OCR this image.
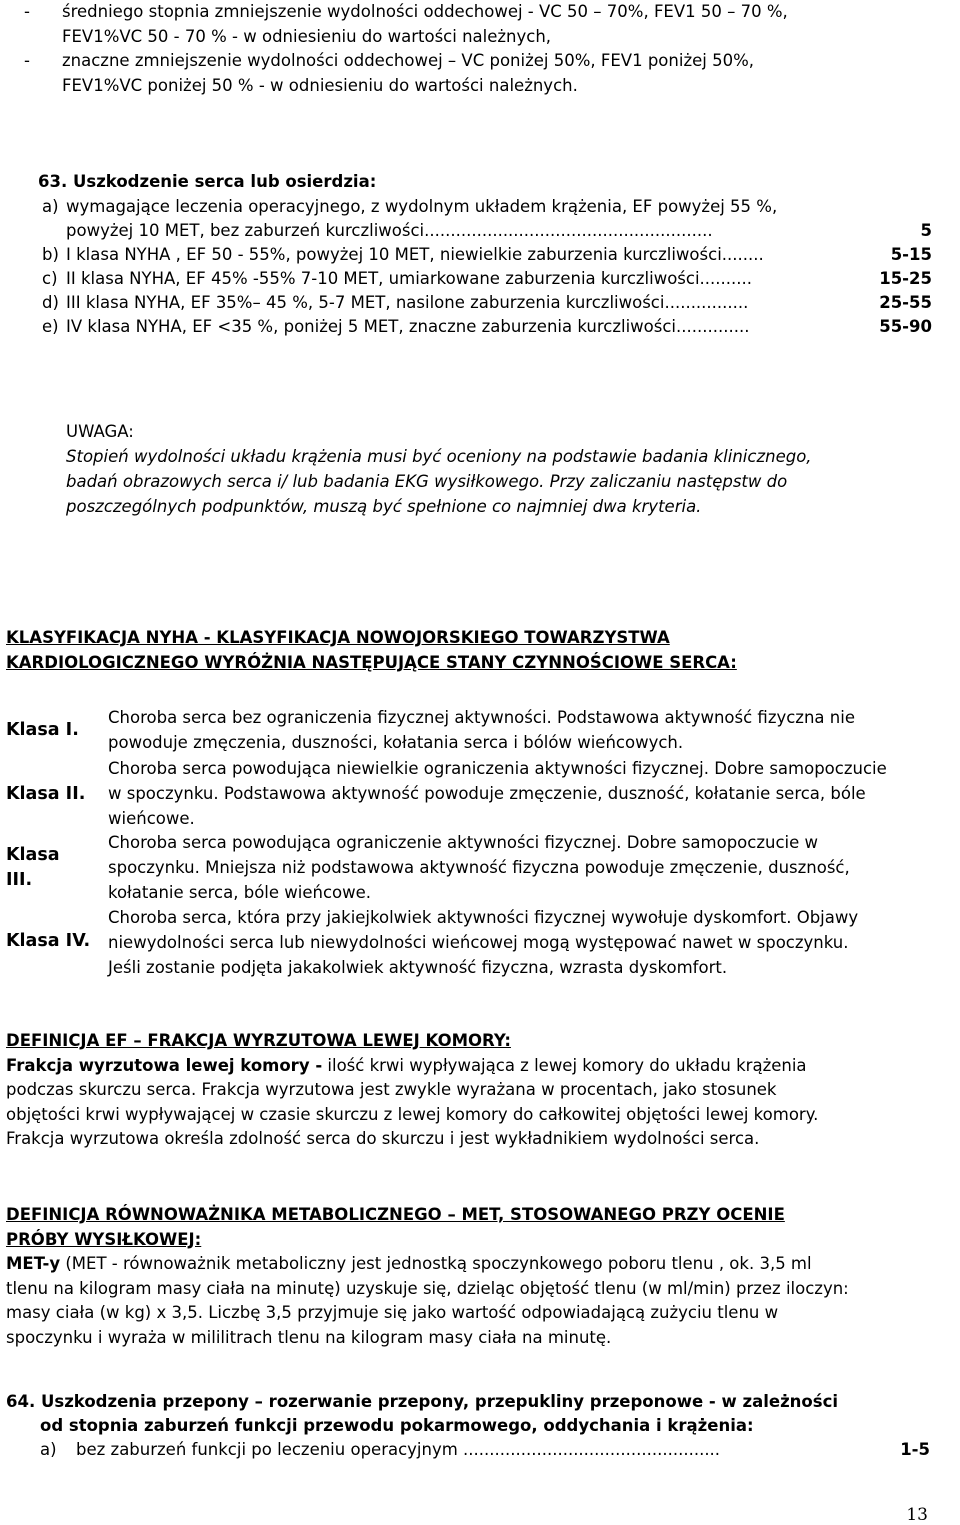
- średniego stopnia zmniejszenie wydolności oddechowej - VC 50 – 70%, FEV1 50 – 70 %,
FEV1%VC 50 - 70 % - w odniesieniu do wartości należnych,
- znaczne zmniejszenie wydolności oddechowej – VC poniżej 50%, FEV1 poniżej 50%,
FEV1%VC poniżej 50 % - w odniesieniu do wartości należnych.
63. Uszkodzenie serca lub osierdzia:
a) wymagające leczenia operacyjnego, z wydolnym układem krążenia, EF powyżej 55 %,
powyżej 10 MET, bez zaburzeń kurczliwości.......................................................	5
b) I klasa NYHA , EF 50 - 55%, powyżej 10 MET, niewielkie zaburzenia kurczliwości........	5-15
c) II klasa NYHA, EF 45% -55% 7-10 MET, umiarkowane zaburzenia kurczliwości..........	15-25
d) III klasa NYHA, EF 35%– 45 %, 5-7 MET, nasilone zaburzenia kurczliwości................	25-55
e) IV klasa NYHA, EF <35 %, poniżej 5 MET, znaczne zaburzenia kurczliwości..............	55-90
UWAGA:
Stopień wydolności układu krążenia musi być oceniony na podstawie badania klinicznego,
badań obrazowych serca i/ lub badania EKG wysiłkowego. Przy zaliczaniu następstw do
poszczególnych podpunktów, muszą być spełnione co najmniej dwa kryteria.
KLASYFIKACJA NYHA - KLASYFIKACJA NOWOJORSKIEGO TOWARZYSTWA
KARDIOLOGICZNEGO WYRÓŻNIA NASTĘPUJĄCE STANY CZYNNOŚCIOWE SERCA:
Klasa I.
Choroba serca bez ograniczenia fizycznej aktywności. Podstawowa aktywność fizyczna nie
powoduje zmęczenia, duszności, kołatania serca i bólów wieńcowych.
Klasa II.
Choroba serca powodująca niewielkie ograniczenia aktywności fizycznej. Dobre samopoczucie
w spoczynku. Podstawowa aktywność powoduje zmęczenie, duszność, kołatanie serca, bóle
wieńcowe.
Klasa
III.
Choroba serca powodująca ograniczenie aktywności fizycznej. Dobre samopoczucie w
spoczynku. Mniejsza niż podstawowa aktywność fizyczna powoduje zmęczenie, duszność,
kołatanie serca, bóle wieńcowe.
Klasa IV.
Choroba serca, która przy jakiejkolwiek aktywności fizycznej wywołuje dyskomfort. Objawy
niewydolności serca lub niewydolności wieńcowej mogą występować nawet w spoczynku.
Jeśli zostanie podjęta jakakolwiek aktywność fizyczna, wzrasta dyskomfort.
DEFINICJA EF – FRAKCJA WYRZUTOWA LEWEJ KOMORY:
Frakcja wyrzutowa lewej komory - ilość krwi wypływająca z lewej komory do układu krążenia
podczas skurczu serca. Frakcja wyrzutowa jest zwykle wyrażana w procentach, jako stosunek
objętości krwi wypływającej w czasie skurczu z lewej komory do całkowitej objętości lewej komory.
Frakcja wyrzutowa określa zdolność serca do skurczu i jest wykładnikiem wydolności serca.
DEFINICJA RÓWNOWAŻNIKA METABOLICZNEGO – MET, STOSOWANEGO PRZY OCENIE
PRÓBY WYSIŁKOWEJ:
MET-y (MET - równoważnik metaboliczny jest jednostką spoczynkowego poboru tlenu , ok. 3,5 ml
tlenu na kilogram masy ciała na minutę) uzyskuje się, dzieląc objętość tlenu (w ml/min) przez iloczyn:
masy ciała (w kg) x 3,5. Liczbę 3,5 przyjmuje się jako wartość odpowiadającą zużyciu tlenu w
spoczynku i wyraża w mililitrach tlenu na kilogram masy ciała na minutę.
64. Uszkodzenia przepony – rozerwanie przepony, przepukliny przeponowe - w zależności
od stopnia zaburzeń funkcji przewodu pokarmowego, oddychania i krążenia:
a) bez zaburzeń funkcji po leczeniu operacyjnym .................................................	1-5
13
